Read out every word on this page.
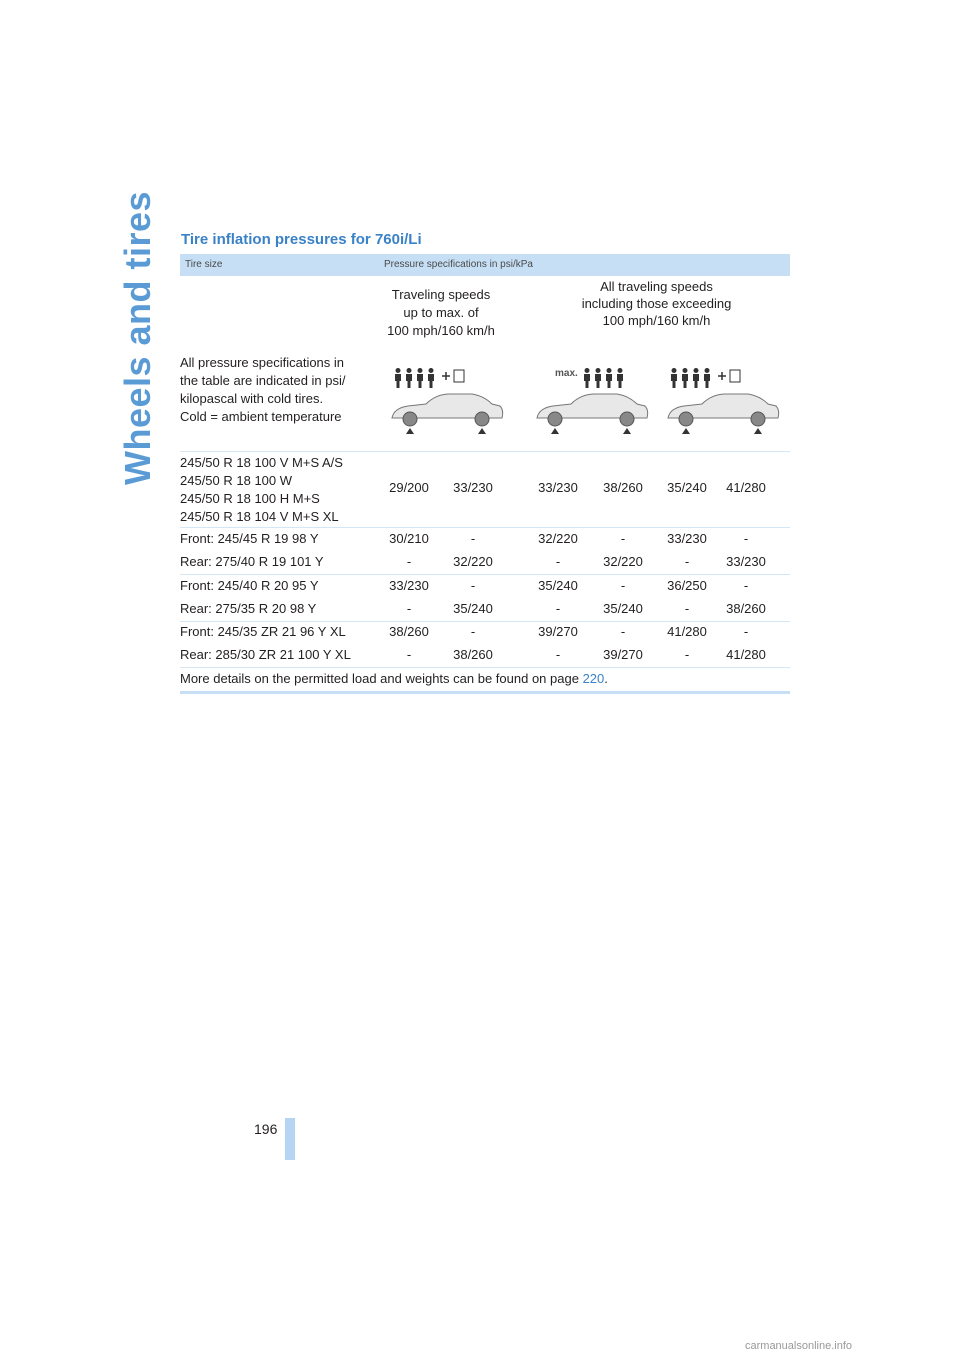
Wheels and tires Tire inflation pressures for 760i/Li
Tire size	Pressure specifications in psi/kPa
Traveling speeds
up to max. of
100 mph/160 km/h
All traveling speeds
including those exceeding
100 mph/160 km/h
All pressure specifications in
the table are indicated in psi/
kilopascal with cold tires.
Cold = ambient temperature
max.
245/50 R 18 100 V M+S A/S
245/50 R 18 100 W
245/50 R 18 100 H M+S
245/50 R 18 104 V M+S XL
29/200	33/230	33/230	38/260	35/240	41/280
Front: 245/45 R 19 98 Y	30/210	-	32/220	-	33/230	-
Rear: 275/40 R 19 101 Y	-	32/220	-	32/220	-	33/230
Front: 245/40 R 20 95 Y	33/230	-	35/240	-	36/250	-
Rear: 275/35 R 20 98 Y	-	35/240	-	35/240	-	38/260
Front: 245/35 ZR 21 96 Y XL	38/260	-	39/270	-	41/280	-
Rear: 285/30 ZR 21 100 Y XL	-	38/260	-	39/270	-	41/280
More details on the permitted load and weights can be found on page 220.
196
carmanualsonline.info
